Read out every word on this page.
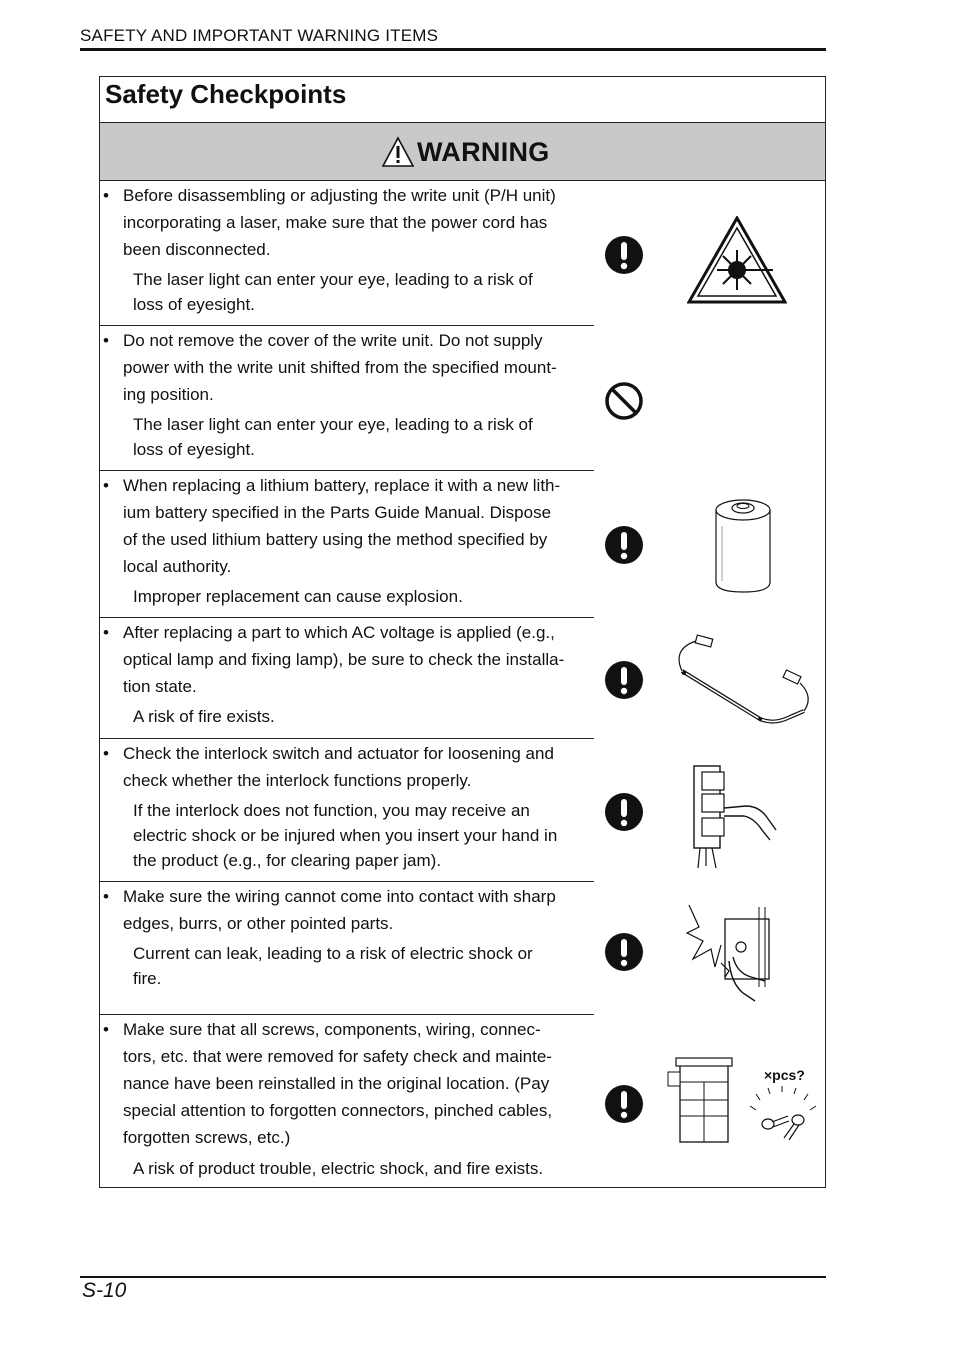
SAFETY AND IMPORTANT WARNING ITEMS
Safety Checkpoints
WARNING
• Before disassembling or adjusting the write unit (P/H unit)
incorporating a laser, make sure that the power cord has
been disconnected.
The laser light can enter your eye, leading to a risk of
loss of eyesight.
• Do not remove the cover of the write unit. Do not supply
power with the write unit shifted from the specified mount-
ing position.
The laser light can enter your eye, leading to a risk of
loss of eyesight.
• When replacing a lithium battery, replace it with a new lith-
ium battery specified in the Parts Guide Manual. Dispose
of the used lithium battery using the method specified by
local authority.
Improper replacement can cause explosion.
• After replacing a part to which AC voltage is applied (e.g.,
optical lamp and fixing lamp), be sure to check the installa-
tion state.
A risk of fire exists.
• Check the interlock switch and actuator for loosening and
check whether the interlock functions properly.
If the interlock does not function, you may receive an
electric shock or be injured when you insert your hand in
the product (e.g., for clearing paper jam).
• Make sure the wiring cannot come into contact with sharp
edges, burrs, or other pointed parts.
Current can leak, leading to a risk of electric shock or
fire.
• Make sure that all screws, components, wiring, connec-
tors, etc. that were removed for safety check and mainte-
nance have been reinstalled in the original location. (Pay
special attention to forgotten connectors, pinched cables,
forgotten screws, etc.)
A risk of product trouble, electric shock, and fire exists.
×pcs?
S-10
